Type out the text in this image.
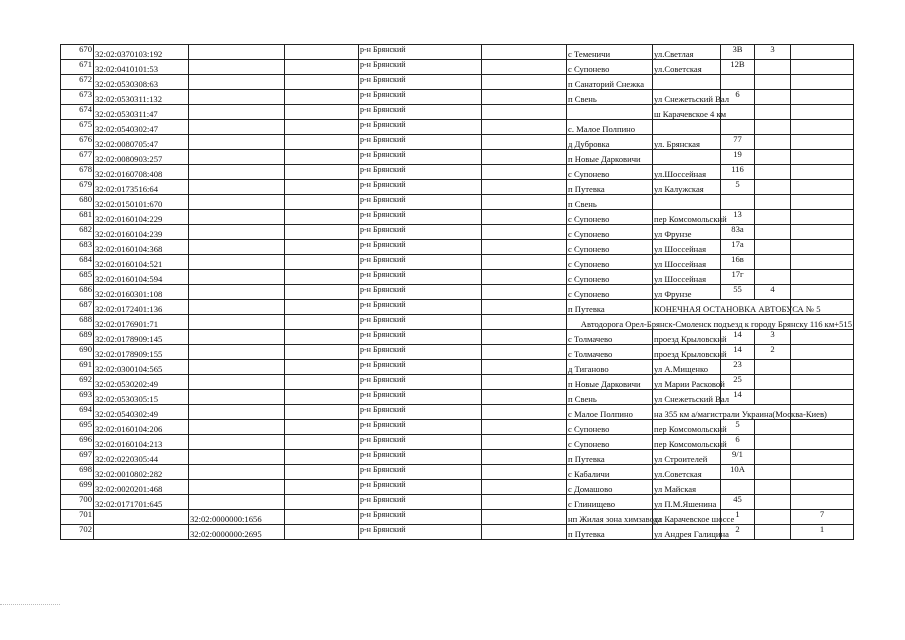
670	32:02:0370103:192			р-н Брянский		с Теменичи	ул.Светлая	3В	3	
671	32:02:0410101:53			р-н Брянский		с Супонево	ул.Советская	12В		
672	32:02:0530308:63			р-н Брянский		п Санаторий Снежка				
673	32:02:0530311:132			р-н Брянский		п Свень	ул Снежетьский Вал	6		
674	32:02:0530311:47			р-н Брянский			ш Карачевское 4 км			
675	32:02:0540302:47			р-н Брянский		с. Малое Полпино				
676	32:02:0080705:47			р-н Брянский		д Дубровка	ул. Брянская	77		
677	32:02:0080903:257			р-н Брянский		п Новые Дарковичи		19		
678	32:02:0160708:408			р-н Брянский		с Супонево	ул.Шоссейная	116		
679	32:02:0173516:64			р-н Брянский		п Путевка	ул Калужская	5		
680	32:02:0150101:670			р-н Брянский		п Свень				
681	32:02:0160104:229			р-н Брянский		с Супонево	пер Комсомольский	13		
682	32:02:0160104:239			р-н Брянский		с Супонево	ул Фрунзе	83а		
683	32:02:0160104:368			р-н Брянский		с Супонево	ул Шоссейная	17а		
684	32:02:0160104:521			р-н Брянский		с Супонево	ул Шоссейная	16в		
685	32:02:0160104:594			р-н Брянский		с Супонево	ул Шоссейная	17г		
686	32:02:0160301:108			р-н Брянский		с Супонево	ул Фрунзе	55	4	
687	32:02:0172401:136			р-н Брянский		п Путевка	КОНЕЧНАЯ ОСТАНОВКА АВТОБУСА № 5			
688	32:02:0176901:71			р-н Брянский		Автодорога Орел-Брянск-Смоленск подъезд к городу Брянску 116 км+515				
689	32:02:0178909:145			р-н Брянский		с Толмачево	проезд Крыловский	14	3	
690	32:02:0178909:155			р-н Брянский		с Толмачево	проезд Крыловский	14	2	
691	32:02:0300104:565			р-н Брянский		д Тиганово	ул А.Мищенко	23		
692	32:02:0530202:49			р-н Брянский		п Новые Дарковичи	ул Марии Расковой	25		
693	32:02:0530305:15			р-н Брянский		п Свень	ул Снежетьский Вал	14		
694	32:02:0540302:49			р-н Брянский		с Малое Полпино	на 355 км а/магистрали Украина(Москва-Киев)			
695	32:02:0160104:206			р-н Брянский		с Супонево	пер Комсомольский	5		
696	32:02:0160104:213			р-н Брянский		с Супонево	пер Комсомольский	6		
697	32:02:0220305:44			р-н Брянский		п Путевка	ул Строителей	9/1		
698	32:02:0010802:282			р-н Брянский		с Кабаличи	ул.Советская	10А		
699	32:02:0020201:468			р-н Брянский		с Домашово	ул Майская			
700	32:02:0171701:645			р-н Брянский		с Глинищево	ул П.М.Яшенина	45		
701		32:02:0000000:1656		р-н Брянский		нп Жилая зона химзавода	ул Карачевское шоссе	1		7
702		32:02:0000000:2695		р-н Брянский		п Путевка	ул Андрея Галицина	2		1
